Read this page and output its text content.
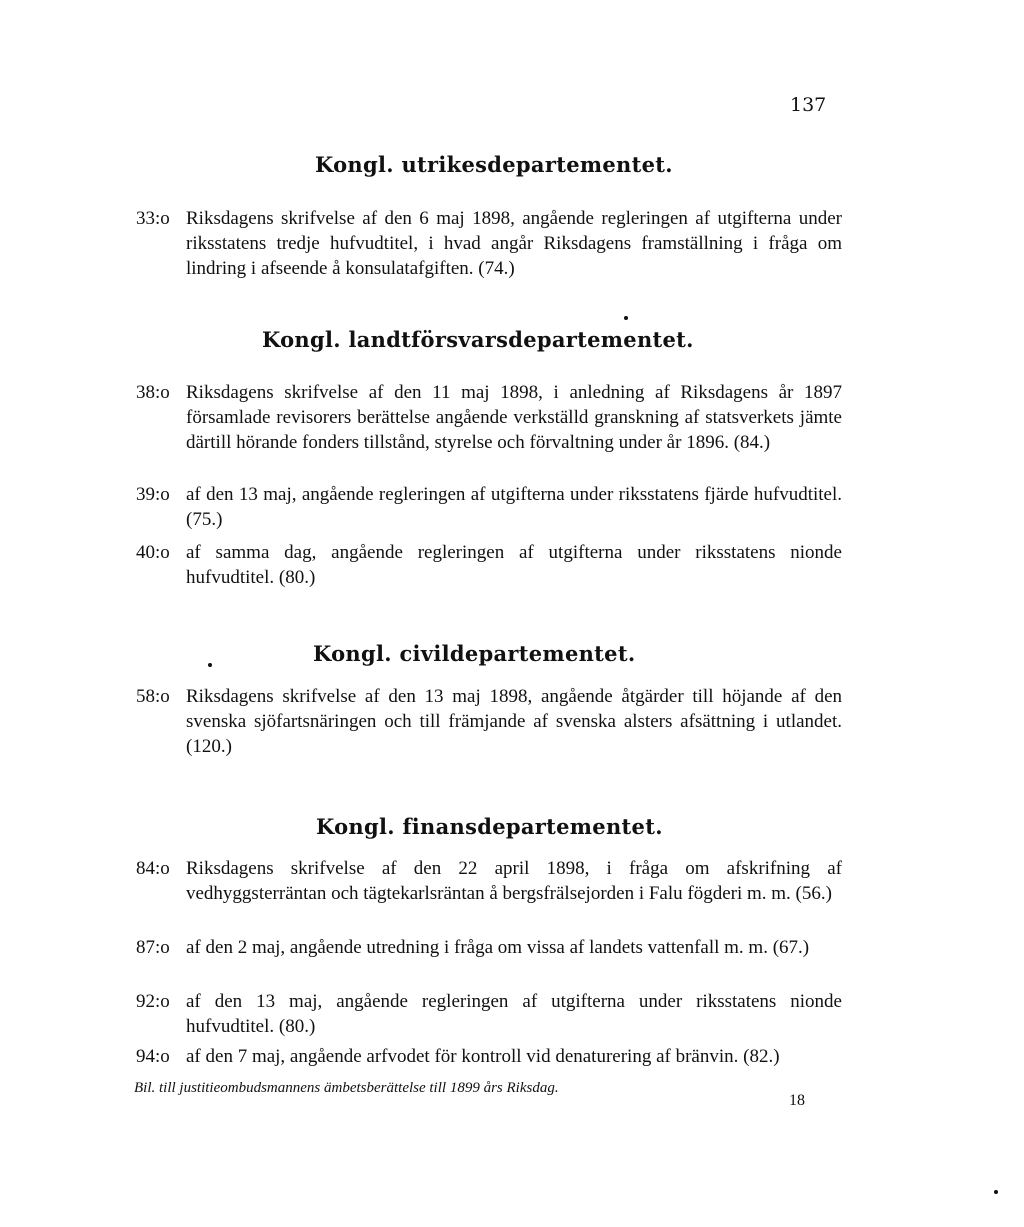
137
Kongl. utrikesdepartementet.
33:o Riksdagens skrifvelse af den 6 maj 1898, angående regleringen af utgifterna under riksstatens tredje hufvudtitel, i hvad angår Riksdagens framställning i fråga om lindring i afseende å konsulatafgiften. (74.)
Kongl. landtförsvarsdepartementet.
38:o Riksdagens skrifvelse af den 11 maj 1898, i anledning af Riksdagens år 1897 församlade revisorers berättelse angående verkställd granskning af statsverkets jämte därtill hörande fonders tillstånd, styrelse och förvaltning under år 1896. (84.)
39:o af den 13 maj, angående regleringen af utgifterna under riksstatens fjärde hufvudtitel. (75.)
40:o af samma dag, angående regleringen af utgifterna under riksstatens nionde hufvudtitel. (80.)
Kongl. civildepartementet.
58:o Riksdagens skrifvelse af den 13 maj 1898, angående åtgärder till höjande af den svenska sjöfartsnäringen och till främjande af svenska alsters afsättning i utlandet. (120.)
Kongl. finansdepartementet.
84:o Riksdagens skrifvelse af den 22 april 1898, i fråga om afskrifning af vedhyggsterräntan och tägtekarlsräntan å bergsfrälsejorden i Falu fögderi m. m. (56.)
87:o af den 2 maj, angående utredning i fråga om vissa af landets vattenfall m. m. (67.)
92:o af den 13 maj, angående regleringen af utgifterna under riksstatens nionde hufvudtitel. (80.)
94:o af den 7 maj, angående arfvodet för kontroll vid denaturering af bränvin. (82.)
Bil. till justitieombudsmannens ämbetsberättelse till 1899 års Riksdag.
18
